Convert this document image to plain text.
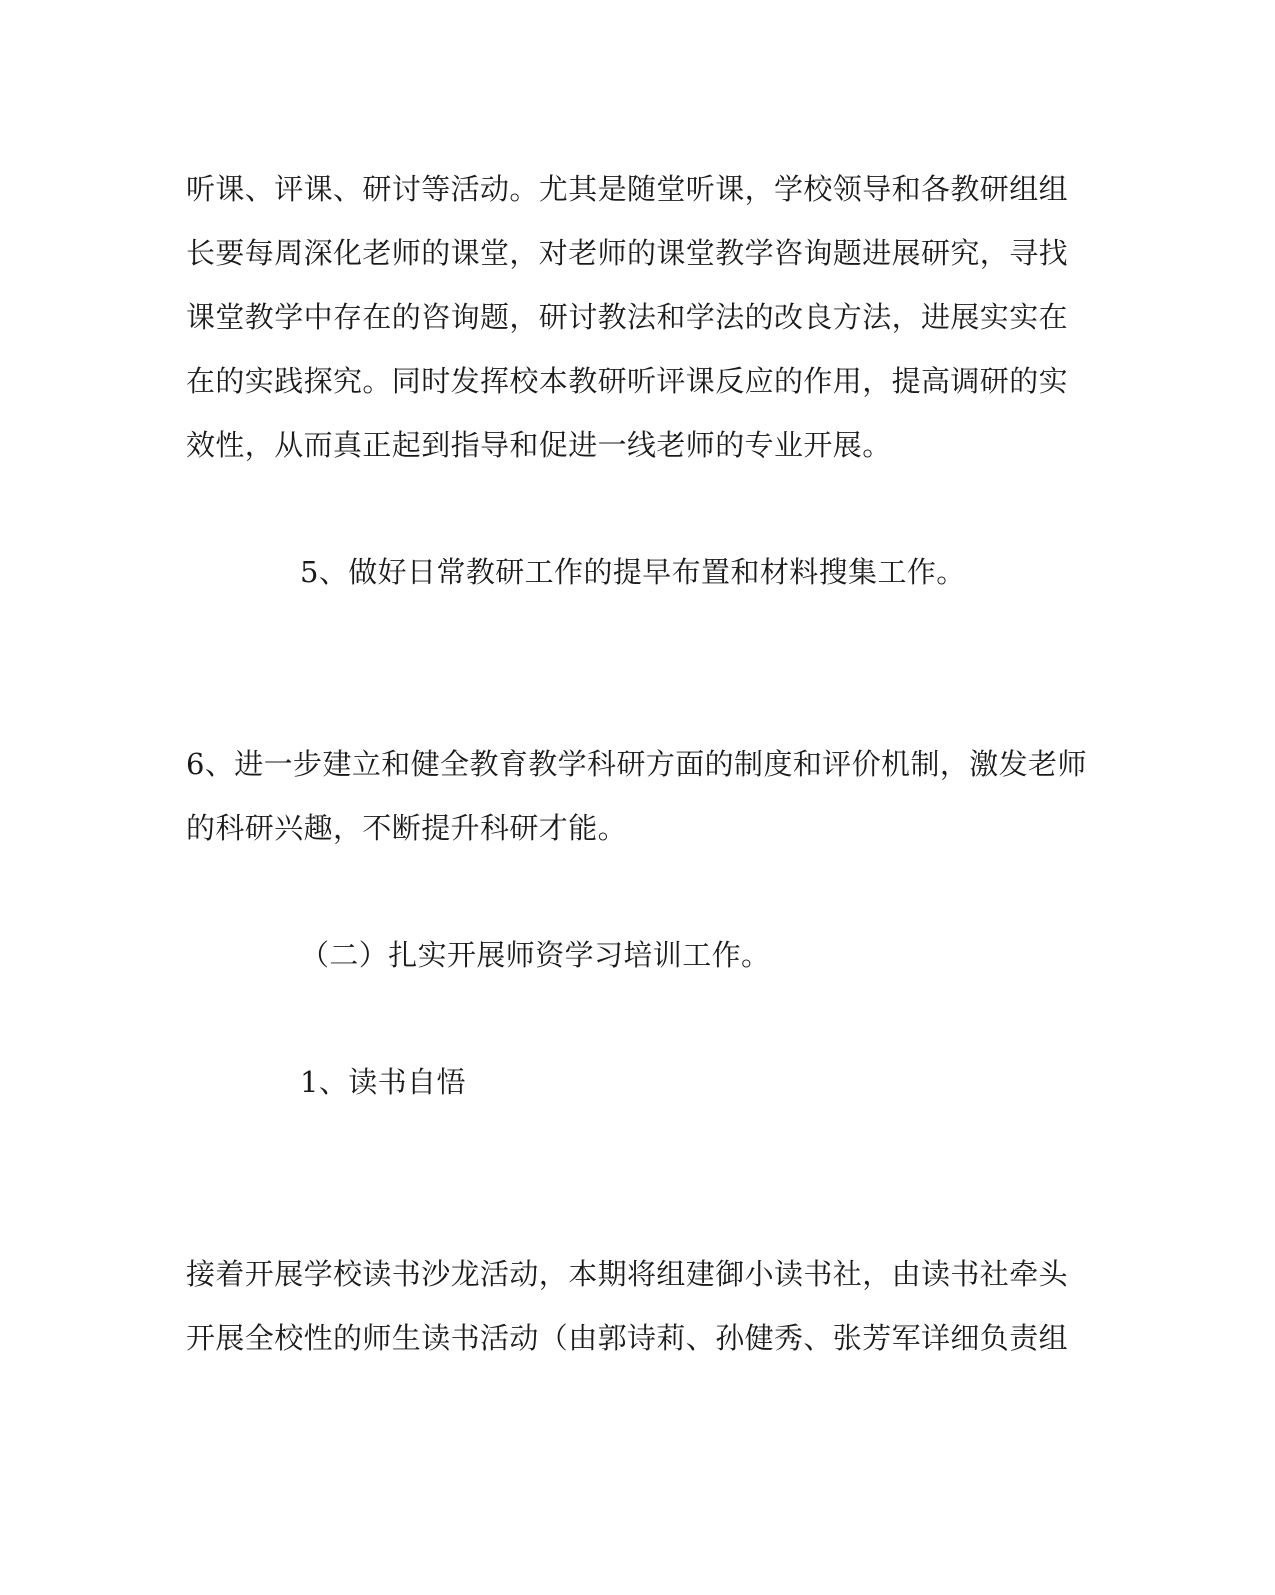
听课、评课、研讨等活动。尤其是随堂听课，学校领导和各教研组组
长要每周深化老师的课堂，对老师的课堂教学咨询题进展研究，寻找
课堂教学中存在的咨询题，研讨教法和学法的改良方法，进展实实在
在的实践探究。同时发挥校本教研听评课反应的作用，提高调研的实
效性，从而真正起到指导和促进一线老师的专业开展。

5、做好日常教研工作的提早布置和材料搜集工作。

6、进一步建立和健全教育教学科研方面的制度和评价机制，激发老师
的科研兴趣，不断提升科研才能。

（二）扎实开展师资学习培训工作。

1、读书自悟

接着开展学校读书沙龙活动，本期将组建御小读书社，由读书社牵头
开展全校性的师生读书活动（由郭诗莉、孙健秀、张芳军详细负责组
